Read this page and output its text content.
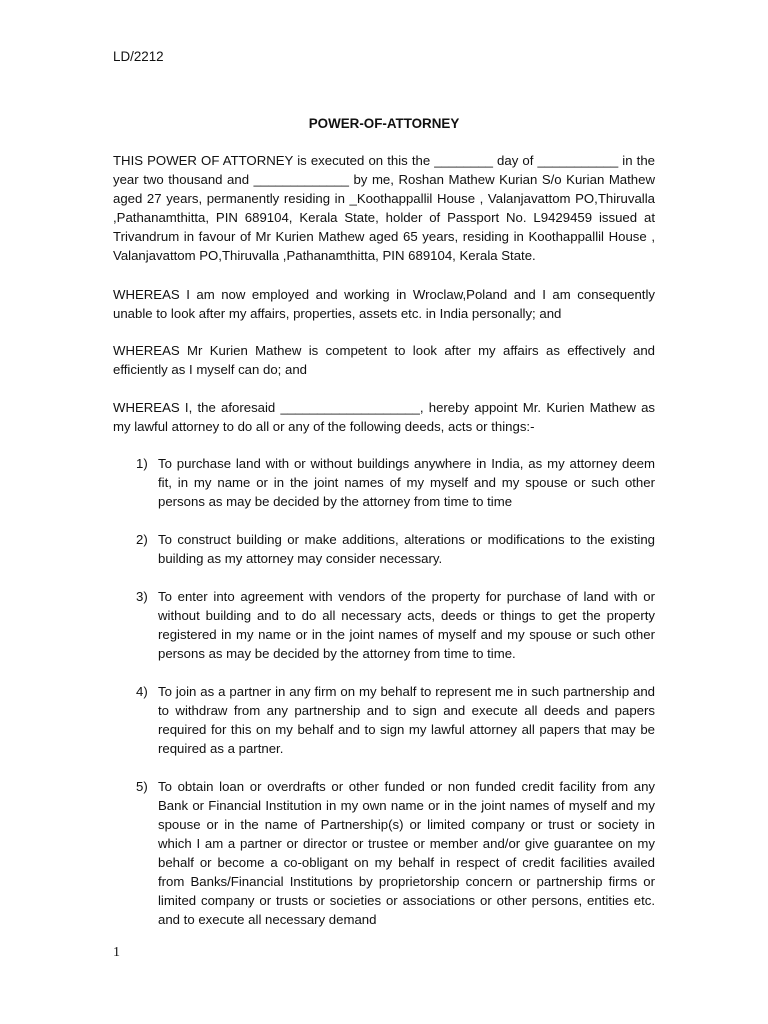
LD/2212
POWER-OF-ATTORNEY

THIS POWER OF ATTORNEY is executed on this the ________ day of ___________ in the year two thousand and _____________ by me, Roshan Mathew Kurian S/o Kurian Mathew aged 27 years, permanently residing in _Koothappallil House , Valanjavattom PO,Thiruvalla ,Pathanamthitta, PIN 689104, Kerala State, holder of Passport No. L9429459 issued at Trivandrum in favour of Mr Kurien Mathew aged 65 years, residing in Koothappallil House , Valanjavattom PO,Thiruvalla ,Pathanamthitta, PIN 689104, Kerala State.

WHEREAS I am now employed and working in Wroclaw,Poland and I am consequently unable to look after my affairs, properties, assets etc. in India personally; and

WHEREAS Mr Kurien Mathew is competent to look after my affairs as effectively and efficiently as I myself can do; and

WHEREAS I, the aforesaid ___________________, hereby appoint Mr. Kurien Mathew as my lawful attorney to do all or any of the following deeds, acts or things:-

1) To purchase land with or without buildings anywhere in India, as my attorney deem fit, in my name or in the joint names of my myself and my spouse or such other persons as may be decided by the attorney from time to time
2) To construct building or make additions, alterations or modifications to the existing building as my attorney may consider necessary.
3) To enter into agreement with vendors of the property for purchase of land with or without building and to do all necessary acts, deeds or things to get the property registered in my name or in the joint names of myself and my spouse or such other persons as may be decided by the attorney from time to time.
4) To join as a partner in any firm on my behalf to represent me in such partnership and to withdraw from any partnership and to sign and execute all deeds and papers required for this on my behalf and to sign my lawful attorney all papers that may be required as a partner.
5) To obtain loan or overdrafts or other funded or non funded credit facility from any Bank or Financial Institution in my own name or in the joint names of myself and my spouse or in the name of Partnership(s) or limited company or trust or society in which I am a partner or director or trustee or member and/or give guarantee on my behalf or become a co-obligant on my behalf in respect of credit facilities availed from Banks/Financial Institutions by proprietorship concern or partnership firms or limited company or trusts or societies or associations or other persons, entities etc. and to execute all necessary demand
1
